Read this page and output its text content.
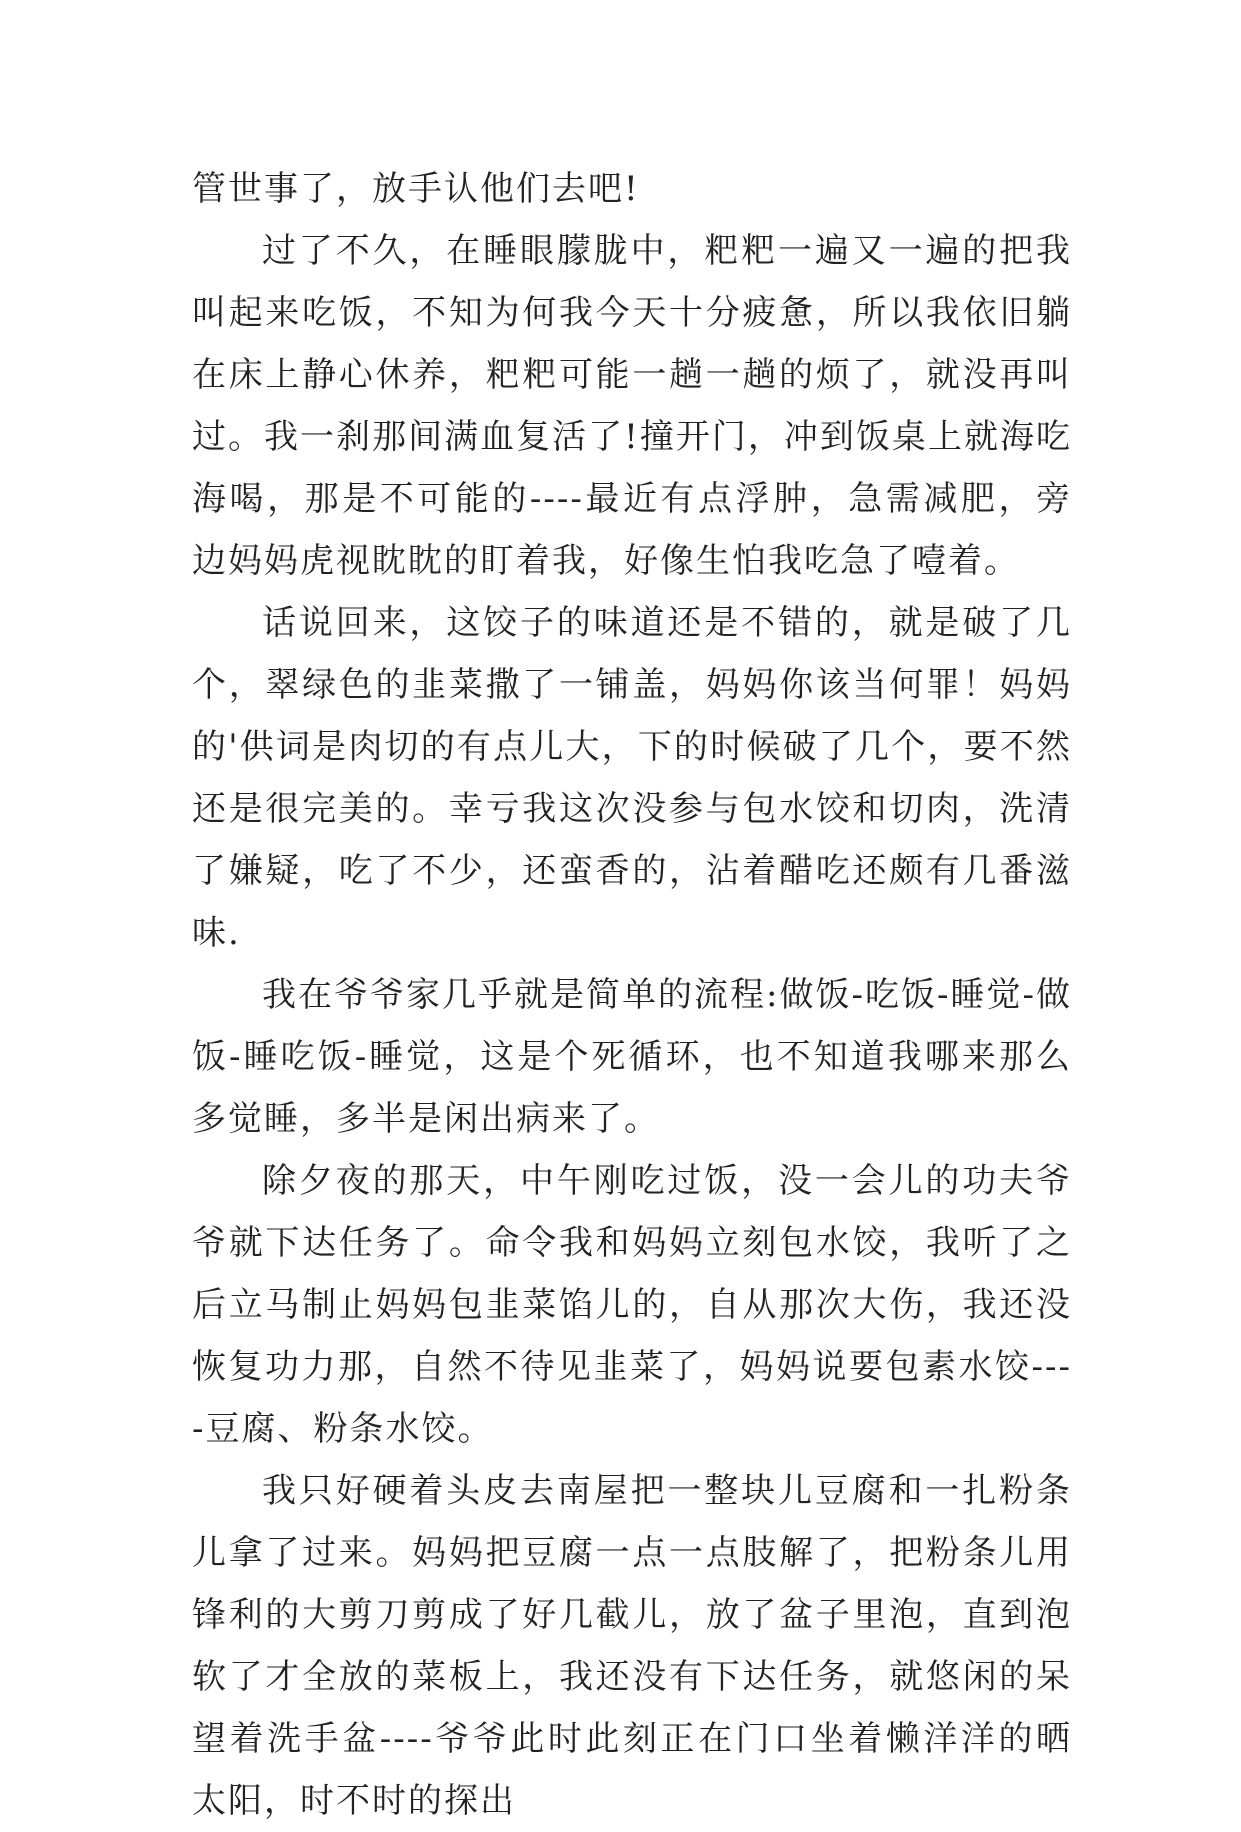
管世事了，放手认他们去吧!

过了不久，在睡眼朦胧中，粑粑一遍又一遍的把我叫起来吃饭，不知为何我今天十分疲惫，所以我依旧躺在床上静心休养，粑粑可能一趟一趟的烦了，就没再叫过。我一刹那间满血复活了!撞开门，冲到饭桌上就海吃海喝，那是不可能的----最近有点浮肿，急需减肥，旁边妈妈虎视眈眈的盯着我，好像生怕我吃急了噎着。

话说回来，这饺子的味道还是不错的，就是破了几个，翠绿色的韭菜撒了一铺盖，妈妈你该当何罪！妈妈的'供词是肉切的有点儿大，下的时候破了几个，要不然还是很完美的。幸亏我这次没参与包水饺和切肉，洗清了嫌疑，吃了不少，还蛮香的，沾着醋吃还颇有几番滋味.

我在爷爷家几乎就是简单的流程:做饭-吃饭-睡觉-做饭-睡吃饭-睡觉，这是个死循环，也不知道我哪来那么多觉睡，多半是闲出病来了。

除夕夜的那天，中午刚吃过饭，没一会儿的功夫爷爷就下达任务了。命令我和妈妈立刻包水饺，我听了之后立马制止妈妈包韭菜馅儿的，自从那次大伤，我还没恢复功力那，自然不待见韭菜了，妈妈说要包素水饺----豆腐、粉条水饺。

我只好硬着头皮去南屋把一整块儿豆腐和一扎粉条儿拿了过来。妈妈把豆腐一点一点肢解了，把粉条儿用锋利的大剪刀剪成了好几截儿，放了盆子里泡，直到泡软了才全放的菜板上，我还没有下达任务，就悠闲的呆望着洗手盆----爷爷此时此刻正在门口坐着懒洋洋的晒太阳，时不时的探出
